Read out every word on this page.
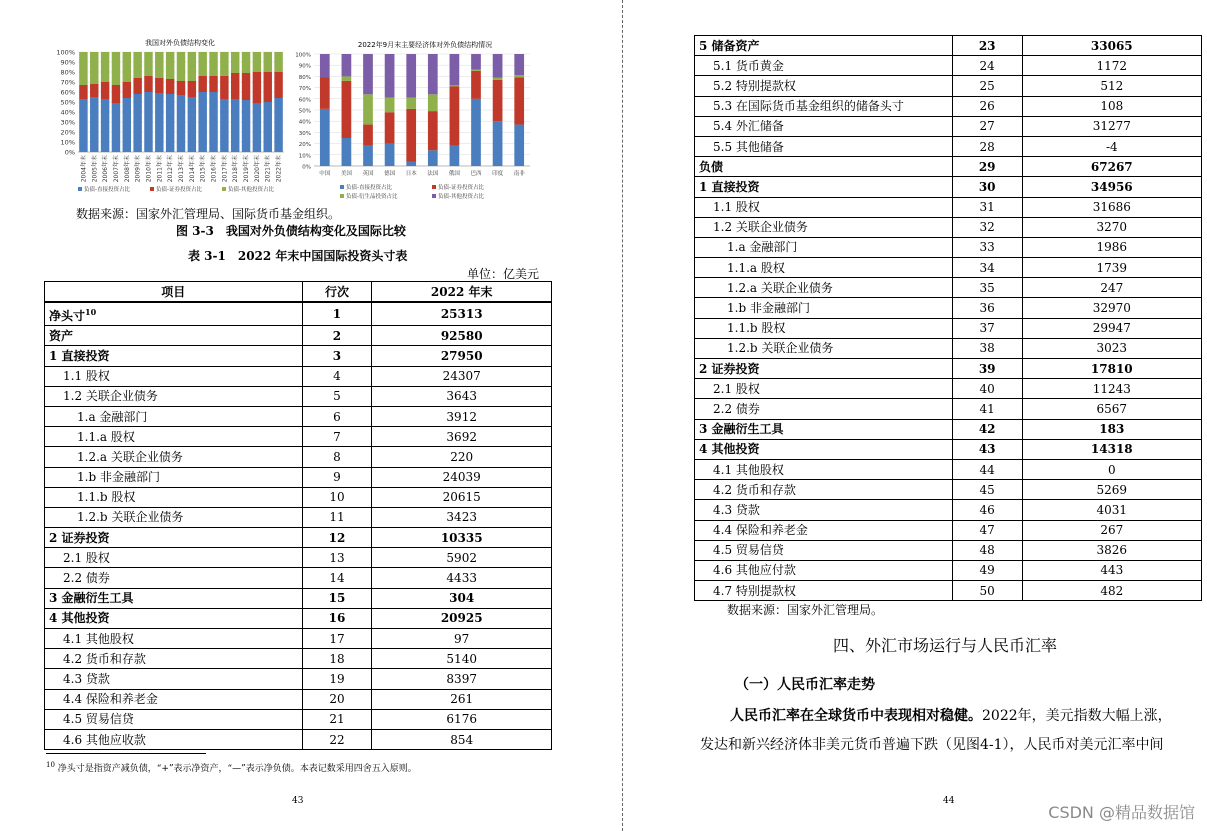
我国对外负债结构变化
0%
10%
20%
30%
40%
50%
60%
70%
80%
90%
100%
2004年末 2005年末 2006年末 2007年末 2008年末 2009年末 2010年末 2011年末 2012年末 2013年末 2014年末 2015年末 2016年末 2017年末 2018年末 2019年末 2020年末 2021年末 2022年末
负债-直接投资占比	负债-证券投资占比	负债-其他投资占比
2022年9月末主要经济体对外负债结构情况
0%
10%
20%
30%
40%
50%
60%
70%
80%
90%
100%
中国 美国 英国 德国 日本 法国 俄国 巴西 印度 南非
负债-直接投资占比	负债-证券投资占比
负债-衍生品投资占比	负债-其他投资占比
数据来源：国家外汇管理局、国际货币基金组织。
图 3-3　我国对外负债结构变化及国际比较
表 3-1　2022 年末中国国际投资头寸表
单位：亿美元
项目	行次	2022 年末
净头寸$^{10}$	1	25313
资产	2	92580
1 直接投资	3	27950
1.1 股权	4	24307
1.2 关联企业债务	5	3643
1.a 金融部门	6	3912
1.1.a 股权	7	3692
1.2.a 关联企业债务	8	220
1.b 非金融部门	9	24039
1.1.b 股权	10	20615
1.2.b 关联企业债务	11	3423
2 证券投资	12	10335
2.1 股权	13	5902
2.2 债券	14	4433
3 金融衍生工具	15	304
4 其他投资	16	20925
4.1 其他股权	17	97
4.2 货币和存款	18	5140
4.3 贷款	19	8397
4.4 保险和养老金	20	261
4.5 贸易信贷	21	6176
4.6 其他应收款	22	854
$^{10}$ 净头寸是指资产减负债，“+”表示净资产，“—”表示净负债。本表记数采用四舍五入原则。
43
5 储备资产	23	33065
5.1 货币黄金	24	1172
5.2 特别提款权	25	512
5.3 在国际货币基金组织的储备头寸	26	108
5.4 外汇储备	27	31277
5.5 其他储备	28	-4
负债	29	67267
1 直接投资	30	34956
1.1 股权	31	31686
1.2 关联企业债务	32	3270
1.a 金融部门	33	1986
1.1.a 股权	34	1739
1.2.a 关联企业债务	35	247
1.b 非金融部门	36	32970
1.1.b 股权	37	29947
1.2.b 关联企业债务	38	3023
2 证券投资	39	17810
2.1 股权	40	11243
2.2 债券	41	6567
3 金融衍生工具	42	183
4 其他投资	43	14318
4.1 其他股权	44	0
4.2 货币和存款	45	5269
4.3 贷款	46	4031
4.4 保险和养老金	47	267
4.5 贸易信贷	48	3826
4.6 其他应付款	49	443
4.7 特别提款权	50	482
数据来源：国家外汇管理局。
四、外汇市场运行与人民币汇率
（一）人民币汇率走势
人民币汇率在全球货币中表现相对稳健。2022年，美元指数大幅上涨，
发达和新兴经济体非美元货币普遍下跌（见图4-1），人民币对美元汇率中间
44
CSDN @精品数据馆
